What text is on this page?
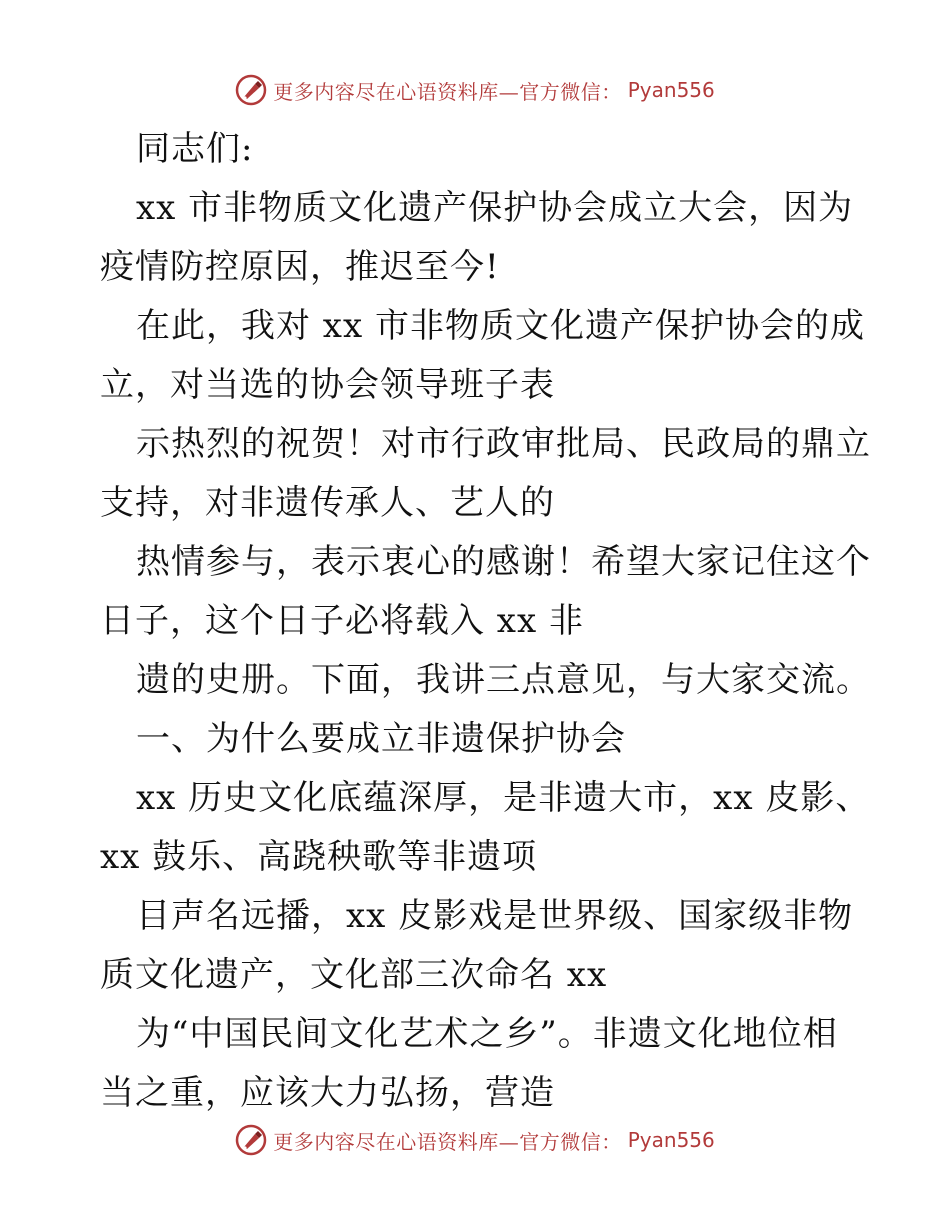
更多内容尽在心语资料库—官方微信： Pyan556
同志们:
xx 市非物质文化遗产保护协会成立大会，因为
疫情防控原因，推迟至今!
在此，我对 xx 市非物质文化遗产保护协会的成
立，对当选的协会领导班子表
示热烈的祝贺！对市行政审批局、民政局的鼎立
支持，对非遗传承人、艺人的
热情参与，表示衷心的感谢！希望大家记住这个
日子，这个日子必将载入 xx 非
遗的史册。下面，我讲三点意见，与大家交流。
一、为什么要成立非遗保护协会
xx 历史文化底蕴深厚，是非遗大市，xx 皮影、
xx 鼓乐、高跷秧歌等非遗项
目声名远播，xx 皮影戏是世界级、国家级非物
质文化遗产，文化部三次命名 xx
为“中国民间文化艺术之乡”。非遗文化地位相
当之重，应该大力弘扬，营造
更多内容尽在心语资料库—官方微信： Pyan556
